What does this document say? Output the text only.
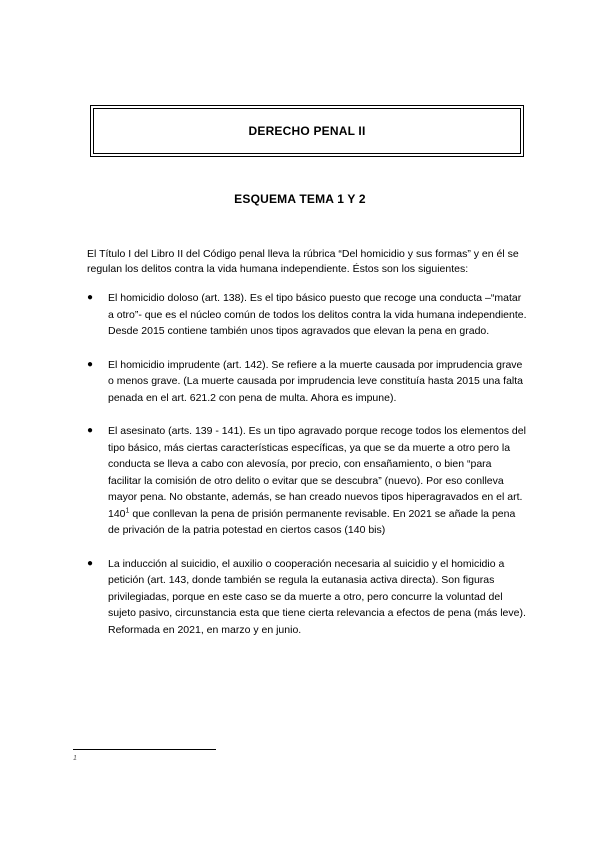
DERECHO PENAL II
ESQUEMA TEMA 1 Y 2
El Título I del Libro II del Código penal lleva la rúbrica “Del homicidio y sus formas” y en él se regulan los delitos contra la vida humana independiente. Éstos son los siguientes:
● El homicidio doloso (art. 138). Es el tipo básico puesto que recoge una conducta –“matar a otro”- que es el núcleo común de todos los delitos contra la vida humana independiente. Desde 2015 contiene también unos tipos agravados que elevan la pena en grado.
● El homicidio imprudente (art. 142). Se refiere a la muerte causada por imprudencia grave o menos grave. (La muerte causada por imprudencia leve constituía hasta 2015 una falta penada en el art. 621.2 con pena de multa. Ahora es impune).
● El asesinato (arts. 139 - 141). Es un tipo agravado porque recoge todos los elementos del tipo básico, más ciertas características específicas, ya que se da muerte a otro pero la conducta se lleva a cabo con alevosía, por precio, con ensañamiento, o bien “para facilitar la comisión de otro delito o evitar que se descubra” (nuevo). Por eso conlleva mayor pena. No obstante, además, se han creado nuevos tipos hiperagravados en el art. $140^1$ que conllevan la pena de prisión permanente revisable. En 2021 se añade la pena de privación de la patria potestad en ciertos casos (140 bis)
● La inducción al suicidio, el auxilio o cooperación necesaria al suicidio y el homicidio a petición (art. 143, donde también se regula la eutanasia activa directa). Son figuras privilegiadas, porque en este caso se da muerte a otro, pero concurre la voluntad del sujeto pasivo, circunstancia esta que tiene cierta relevancia a efectos de pena (más leve). Reformada en 2021, en marzo y en junio.
1
